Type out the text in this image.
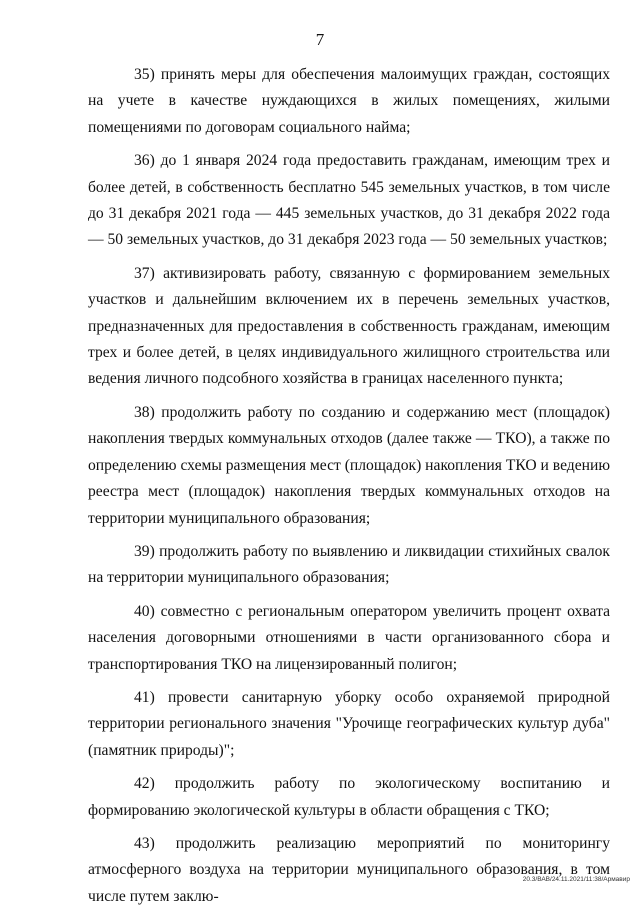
7

35) принять меры для обеспечения малоимущих граждан, состоящих на учете в качестве нуждающихся в жилых помещениях, жилыми помещениями по договорам социального найма;

36) до 1 января 2024 года предоставить гражданам, имеющим трех и более детей, в собственность бесплатно 545 земельных участков, в том числе до 31 декабря 2021 года — 445 земельных участков, до 31 декабря 2022 года — 50 земельных участков, до 31 декабря 2023 года — 50 земельных участков;

37) активизировать работу, связанную с формированием земельных участков и дальнейшим включением их в перечень земельных участков, предназначенных для предоставления в собственность гражданам, имеющим трех и более детей, в целях индивидуального жилищного строительства или ведения личного подсобного хозяйства в границах населенного пункта;

38) продолжить работу по созданию и содержанию мест (площадок) накопления твердых коммунальных отходов (далее также — ТКО), а также по определению схемы размещения мест (площадок) накопления ТКО и ведению реестра мест (площадок) накопления твердых коммунальных отходов на территории муниципального образования;

39) продолжить работу по выявлению и ликвидации стихийных свалок на территории муниципального образования;

40) совместно с региональным оператором увеличить процент охвата населения договорными отношениями в части организованного сбора и транспортирования ТКО на лицензированный полигон;

41) провести санитарную уборку особо охраняемой природной территории регионального значения "Урочище географических культур дуба" (памятник природы)";

42) продолжить работу по экологическому воспитанию и формированию экологической культуры в области обращения с ТКО;

43) продолжить реализацию мероприятий по мониторингу атмосферного воздуха на территории муниципального образования, в том числе путем заклю-

20.3/ВАВ/24.11.2021/11:38/Армавир
